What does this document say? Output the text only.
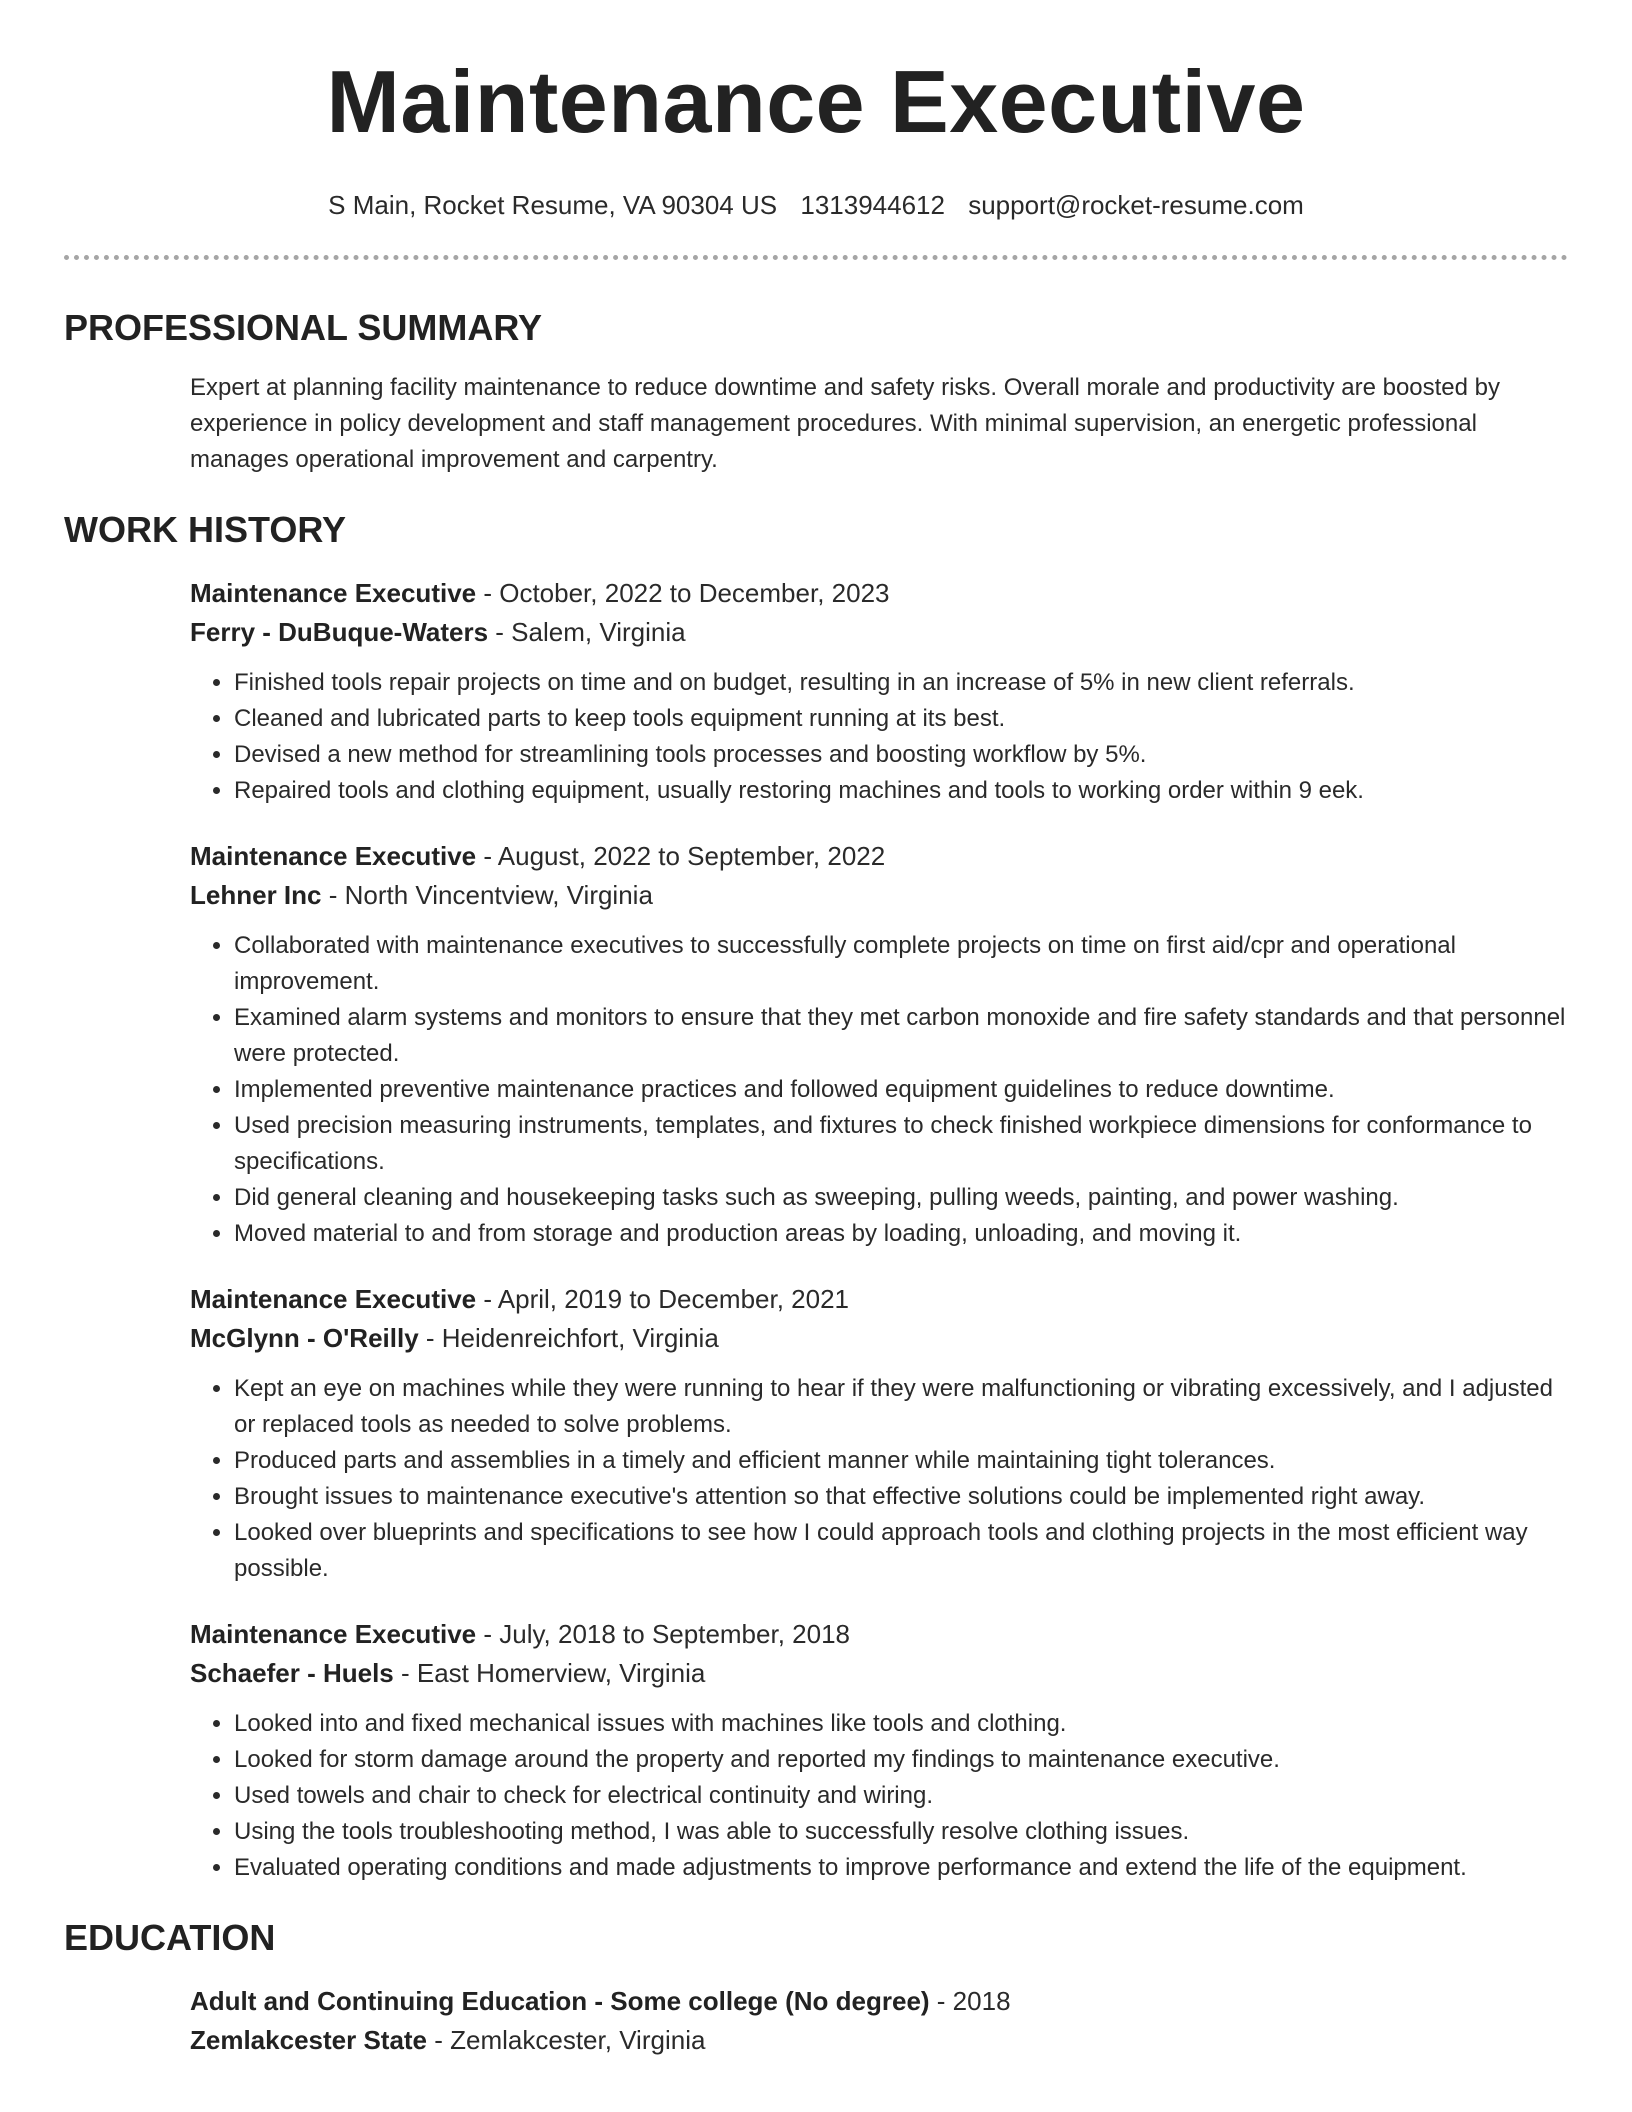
Maintenance Executive
S Main, Rocket Resume, VA 90304 US 1313944612 support@rocket-resume.com
PROFESSIONAL SUMMARY
Expert at planning facility maintenance to reduce downtime and safety risks. Overall morale and productivity are boosted by experience in policy development and staff management procedures. With minimal supervision, an energetic professional manages operational improvement and carpentry.
WORK HISTORY
Maintenance Executive - October, 2022 to December, 2023
Ferry - DuBuque-Waters - Salem, Virginia
• Finished tools repair projects on time and on budget, resulting in an increase of 5% in new client referrals.
• Cleaned and lubricated parts to keep tools equipment running at its best.
• Devised a new method for streamlining tools processes and boosting workflow by 5%.
• Repaired tools and clothing equipment, usually restoring machines and tools to working order within 9 eek.
Maintenance Executive - August, 2022 to September, 2022
Lehner Inc - North Vincentview, Virginia
• Collaborated with maintenance executives to successfully complete projects on time on first aid/cpr and operational improvement.
• Examined alarm systems and monitors to ensure that they met carbon monoxide and fire safety standards and that personnel were protected.
• Implemented preventive maintenance practices and followed equipment guidelines to reduce downtime.
• Used precision measuring instruments, templates, and fixtures to check finished workpiece dimensions for conformance to specifications.
• Did general cleaning and housekeeping tasks such as sweeping, pulling weeds, painting, and power washing.
• Moved material to and from storage and production areas by loading, unloading, and moving it.
Maintenance Executive - April, 2019 to December, 2021
McGlynn - O'Reilly - Heidenreichfort, Virginia
• Kept an eye on machines while they were running to hear if they were malfunctioning or vibrating excessively, and I adjusted or replaced tools as needed to solve problems.
• Produced parts and assemblies in a timely and efficient manner while maintaining tight tolerances.
• Brought issues to maintenance executive's attention so that effective solutions could be implemented right away.
• Looked over blueprints and specifications to see how I could approach tools and clothing projects in the most efficient way possible.
Maintenance Executive - July, 2018 to September, 2018
Schaefer - Huels - East Homerview, Virginia
• Looked into and fixed mechanical issues with machines like tools and clothing.
• Looked for storm damage around the property and reported my findings to maintenance executive.
• Used towels and chair to check for electrical continuity and wiring.
• Using the tools troubleshooting method, I was able to successfully resolve clothing issues.
• Evaluated operating conditions and made adjustments to improve performance and extend the life of the equipment.
EDUCATION
Adult and Continuing Education - Some college (No degree) - 2018
Zemlakcester State - Zemlakcester, Virginia
